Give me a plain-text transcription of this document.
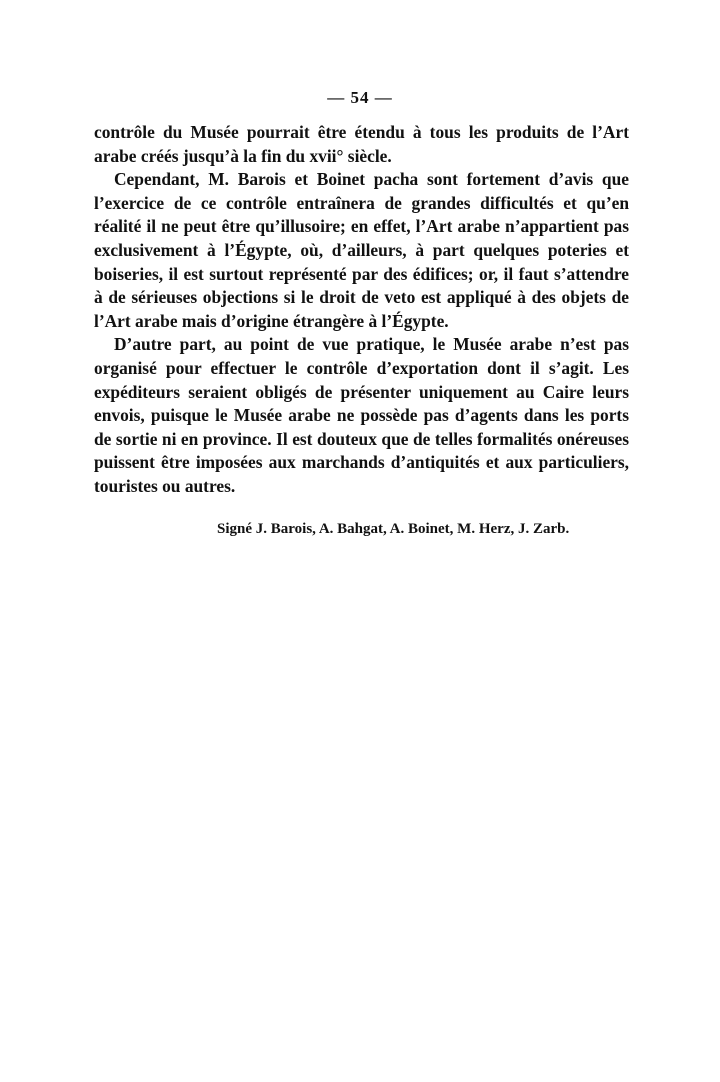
— 54 —

contrôle du Musée pourrait être étendu à tous les produits de l’Art arabe créés jusqu’à la fin du xvii° siècle.

Cependant, M. Barois et Boinet pacha sont fortement d’avis que l’exercice de ce contrôle entraînera de grandes difficultés et qu’en réalité il ne peut être qu’illusoire; en effet, l’Art arabe n’appartient pas exclusivement à l’Égypte, où, d’ailleurs, à part quelques poteries et boiseries, il est surtout représenté par des édifices; or, il faut s’attendre à de sérieuses objections si le droit de veto est appliqué à des objets de l’Art arabe mais d’origine étrangère à l’Égypte.

D’autre part, au point de vue pratique, le Musée arabe n’est pas organisé pour effectuer le contrôle d’exportation dont il s’agit. Les expéditeurs seraient obligés de présenter uniquement au Caire leurs envois, puisque le Musée arabe ne possède pas d’agents dans les ports de sortie ni en province. Il est douteux que de telles formalités onéreuses puissent être imposées aux marchands d’antiquités et aux particuliers, touristes ou autres.

Signé J. Barois, A. Bahgat, A. Boinet, M. Herz, J. Zarb.
